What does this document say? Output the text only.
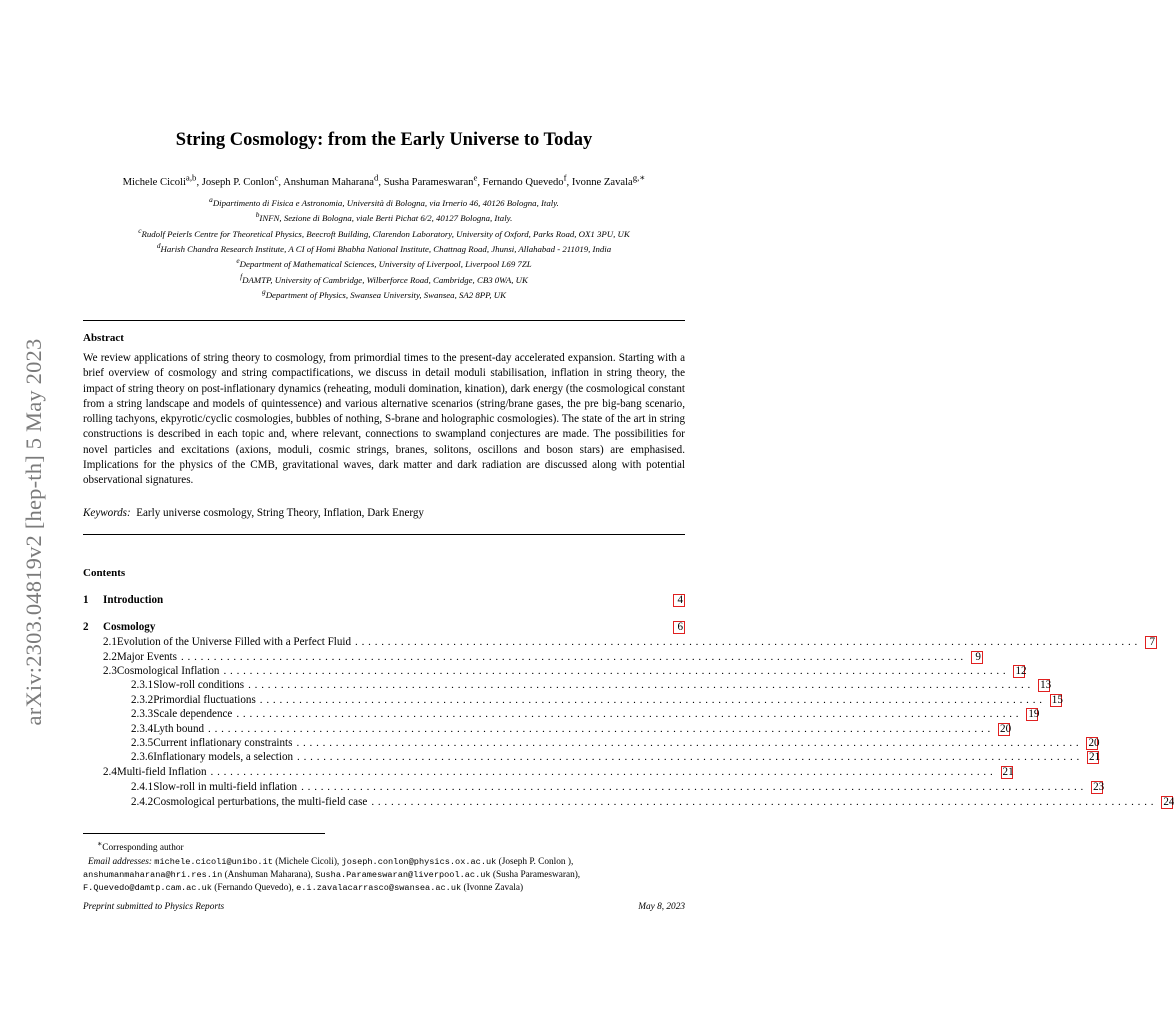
arXiv:2303.04819v2 [hep-th] 5 May 2023
String Cosmology: from the Early Universe to Today
Michele Cicoli$^{a,b}$, Joseph P. Conlon$^c$, Anshuman Maharana$^d$, Susha Parameswaran$^e$, Fernando Quevedo$^f$, Ivonne Zavala$^{g,∗}$
$^a$Dipartimento di Fisica e Astronomia, Università di Bologna, via Irnerio 46, 40126 Bologna, Italy.
$^b$INFN, Sezione di Bologna, viale Berti Pichat 6/2, 40127 Bologna, Italy.
$^c$Rudolf Peierls Centre for Theoretical Physics, Beecroft Building, Clarendon Laboratory, University of Oxford, Parks Road, OX1 3PU, UK
$^d$Harish Chandra Research Institute, A CI of Homi Bhabha National Institute, Chattnag Road, Jhunsi, Allahabad - 211019, India
$^e$Department of Mathematical Sciences, University of Liverpool, Liverpool L69 7ZL
$^f$DAMTP, University of Cambridge, Wilberforce Road, Cambridge, CB3 0WA, UK
$^g$Department of Physics, Swansea University, Swansea, SA2 8PP, UK
Abstract
We review applications of string theory to cosmology, from primordial times to the present-day accelerated expansion. Starting with a brief overview of cosmology and string compactifications, we discuss in detail moduli stabilisation, inflation in string theory, the impact of string theory on post-inflationary dynamics (reheating, moduli domination, kination), dark energy (the cosmological constant from a string landscape and models of quintessence) and various alternative scenarios (string/brane gases, the pre big-bang scenario, rolling tachyons, ekpyrotic/cyclic cosmologies, bubbles of nothing, S-brane and holographic cosmologies). The state of the art in string constructions is described in each topic and, where relevant, connections to swampland conjectures are made. The possibilities for novel particles and excitations (axions, moduli, cosmic strings, branes, solitons, oscillons and boson stars) are emphasised. Implications for the physics of the CMB, gravitational waves, dark matter and dark radiation are discussed along with potential observational signatures.
Keywords: Early universe cosmology, String Theory, Inflation, Dark Energy
Contents
1	Introduction	4
2	Cosmology	6
2.1 Evolution of the Universe Filled with a Perfect Fluid ........................................................................................................................ 7
2.2 Major Events ........................................................................................................................ 9
2.3 Cosmological Inflation ........................................................................................................................ 12
2.3.1 Slow-roll conditions ........................................................................................................................ 13
2.3.2 Primordial fluctuations ........................................................................................................................ 15
2.3.3 Scale dependence ........................................................................................................................ 19
2.3.4 Lyth bound ........................................................................................................................ 20
2.3.5 Current inflationary constraints ........................................................................................................................ 20
2.3.6 Inflationary models, a selection ........................................................................................................................ 21
2.4 Multi-field Inflation ........................................................................................................................ 21
2.4.1 Slow-roll in multi-field inflation ........................................................................................................................ 23
2.4.2 Cosmological perturbations, the multi-field case ........................................................................................................................ 24
∗Corresponding author
Email addresses: michele.cicoli@unibo.it (Michele Cicoli), joseph.conlon@physics.ox.ac.uk (Joseph P. Conlon ),
anshumanmaharana@hri.res.in (Anshuman Maharana), Susha.Parameswaran@liverpool.ac.uk (Susha Parameswaran),
F.Quevedo@damtp.cam.ac.uk (Fernando Quevedo), e.i.zavalacarrasco@swansea.ac.uk (Ivonne Zavala)
Preprint submitted to Physics Reports	May 8, 2023
